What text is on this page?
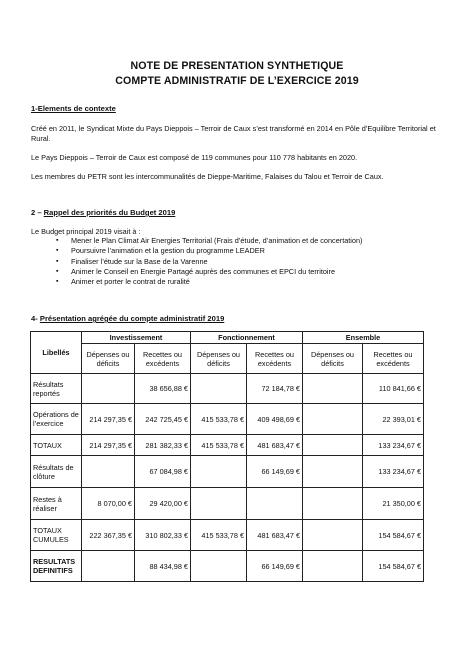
NOTE DE PRESENTATION SYNTHETIQUE
COMPTE ADMINISTRATIF DE L’EXERCICE 2019
1-Elements de contexte
Créé en 2011, le Syndicat Mixte du Pays Dieppois – Terroir de Caux s’est transformé en 2014 en Pôle d’Equilibre Territorial et Rural.
Le Pays Dieppois – Terroir de Caux est composé de 119 communes pour 110 778 habitants en 2020.
Les membres du PETR sont les intercommunalités de Dieppe-Maritime, Falaises du Talou et Terroir de Caux.
2 – Rappel des priorités du Budget 2019
Le Budget principal 2019 visait à :
▪ Mener le Plan Climat Air Energies Territorial (Frais d’étude, d’animation et de concertation)
▪ Poursuivre l’animation et la gestion du programme LEADER
▪ Finaliser l’étude sur la Base de la Varenne
▪ Animer le Conseil en Energie Partagé auprès des communes et EPCI du territoire
▪ Animer et porter le contrat de ruralité
4- Présentation agrégée du compte administratif 2019
Libellés	Investissement		Fonctionnement		Ensemble	
	Dépenses ou déficits	Recettes ou excédents	Dépenses ou déficits	Recettes ou excédents	Dépenses ou déficits	Recettes ou excédents
Résultats reportés		38 656,88 €		72 184,78 €		110 841,66 €
Opérations de l’exercice	214 297,35 €	242 725,45 €	415 533,78 €	409 498,69 €		22 393,01 €
TOTAUX	214 297,35 €	281 382,33 €	415 533,78 €	481 683,47 €		133 234,67 €
Résultats de clôture		67 084,98 €		66 149,69 €		133 234,67 €
Restes à réaliser	8 070,00 €	29 420,00 €				21 350,00 €
TOTAUX CUMULES	222 367,35 €	310 802,33 €	415 533,78 €	481 683,47 €		154 584,67 €
RESULTATS DEFINITIFS		88 434,98 €		66 149,69 €		154 584,67 €
